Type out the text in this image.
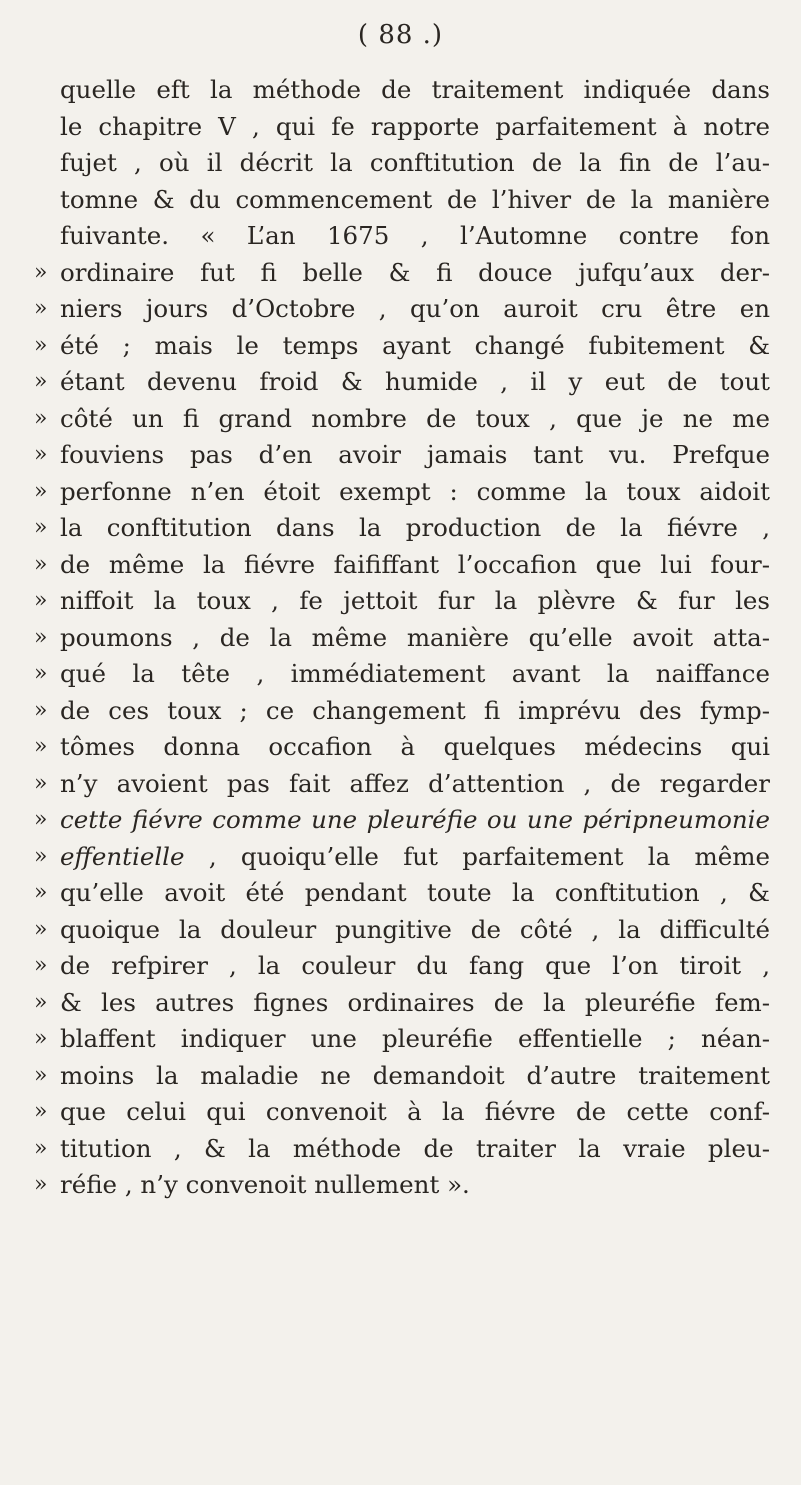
( 88 .)
quelle eft la méthode de traitement indiquée dans
le chapitre V , qui fe rapporte parfaitement à notre
fujet , où il décrit la conftitution de la fin de l’au-
tomne & du commencement de l’hiver de la manière
fuivante. « L’an 1675 , l’Automne contre fon
» ordinaire fut fi belle & fi douce jufqu’aux der-
» niers jours d’Octobre , qu’on auroit cru être en
» été ; mais le temps ayant changé fubitement &
» étant devenu froid & humide , il y eut de tout
» côté un fi grand nombre de toux , que je ne me
» fouviens pas d’en avoir jamais tant vu. Prefque
» perfonne n’en étoit exempt : comme la toux aidoit
» la conftitution dans la production de la fiévre ,
» de même la fiévre faififfant l’occafion que lui four-
» niffoit la toux , fe jettoit fur la plèvre & fur les
» poumons , de la même manière qu’elle avoit atta-
» qué la tête , immédiatement avant la naiffance
» de ces toux ; ce changement fi imprévu des fymp-
» tômes donna occafion à quelques médecins qui
» n’y avoient pas fait affez d’attention , de regarder
» cette fiévre comme une pleuréfie ou une péripneumonie
» effentielle , quoiqu’elle fut parfaitement la même
» qu’elle avoit été pendant toute la conftitution , &
» quoique la douleur pungitive de côté , la difficulté
» de refpirer , la couleur du fang que l’on tiroit ,
» & les autres fignes ordinaires de la pleuréfie fem-
» blaffent indiquer une pleuréfie effentielle ; néan-
» moins la maladie ne demandoit d’autre traitement
» que celui qui convenoit à la fiévre de cette conf-
» titution , & la méthode de traiter la vraie pleu-
» réfie , n’y convenoit nullement ».
